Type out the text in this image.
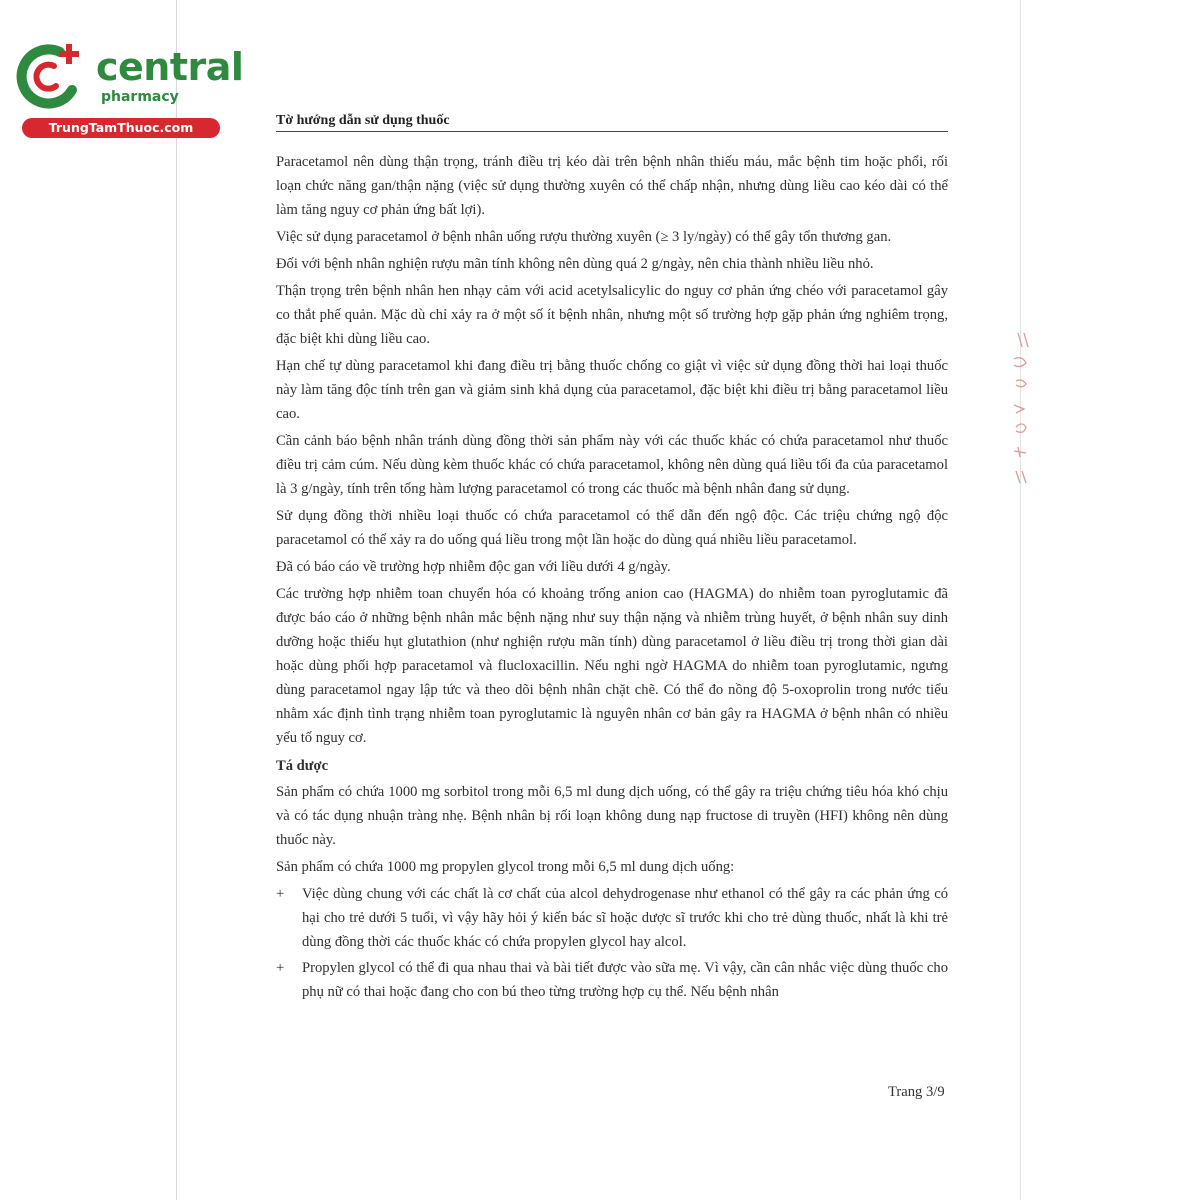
central
pharmacy
TrungTamThuoc.com	Tờ hướng dẫn sử dụng thuốc

Paracetamol nên dùng thận trọng, tránh điều trị kéo dài trên bệnh nhân thiếu máu, mắc bệnh tim hoặc phổi, rối loạn chức năng gan/thận nặng (việc sử dụng thường xuyên có thể chấp nhận, nhưng dùng liều cao kéo dài có thể làm tăng nguy cơ phản ứng bất lợi).

Việc sử dụng paracetamol ở bệnh nhân uống rượu thường xuyên (≥ 3 ly/ngày) có thể gây tổn thương gan.

Đối với bệnh nhân nghiện rượu mãn tính không nên dùng quá 2 g/ngày, nên chia thành nhiều liều nhỏ.

Thận trọng trên bệnh nhân hen nhạy cảm với acid acetylsalicylic do nguy cơ phản ứng chéo với paracetamol gây co thắt phế quản. Mặc dù chỉ xảy ra ở một số ít bệnh nhân, nhưng một số trường hợp gặp phản ứng nghiêm trọng, đặc biệt khi dùng liều cao.

Hạn chế tự dùng paracetamol khi đang điều trị bằng thuốc chống co giật vì việc sử dụng đồng thời hai loại thuốc này làm tăng độc tính trên gan và giảm sinh khả dụng của paracetamol, đặc biệt khi điều trị bằng paracetamol liều cao.

Cần cảnh báo bệnh nhân tránh dùng đồng thời sản phẩm này với các thuốc khác có chứa paracetamol như thuốc điều trị cảm cúm. Nếu dùng kèm thuốc khác có chứa paracetamol, không nên dùng quá liều tối đa của paracetamol là 3 g/ngày, tính trên tổng hàm lượng paracetamol có trong các thuốc mà bệnh nhân đang sử dụng.

Sử dụng đồng thời nhiều loại thuốc có chứa paracetamol có thể dẫn đến ngộ độc. Các triệu chứng ngộ độc paracetamol có thể xảy ra do uống quá liều trong một lần hoặc do dùng quá nhiều liều paracetamol.

Đã có báo cáo về trường hợp nhiễm độc gan với liều dưới 4 g/ngày.

Các trường hợp nhiễm toan chuyển hóa có khoảng trống anion cao (HAGMA) do nhiễm toan pyroglutamic đã được báo cáo ở những bệnh nhân mắc bệnh nặng như suy thận nặng và nhiễm trùng huyết, ở bệnh nhân suy dinh dưỡng hoặc thiếu hụt glutathion (như nghiện rượu mãn tính) dùng paracetamol ở liều điều trị trong thời gian dài hoặc dùng phối hợp paracetamol và flucloxacillin. Nếu nghi ngờ HAGMA do nhiễm toan pyroglutamic, ngưng dùng paracetamol ngay lập tức và theo dõi bệnh nhân chặt chẽ. Có thể đo nồng độ 5-oxoprolin trong nước tiểu nhằm xác định tình trạng nhiễm toan pyroglutamic là nguyên nhân cơ bản gây ra HAGMA ở bệnh nhân có nhiều yếu tố nguy cơ.

Tá dược

Sản phẩm có chứa 1000 mg sorbitol trong mỗi 6,5 ml dung dịch uống, có thể gây ra triệu chứng tiêu hóa khó chịu và có tác dụng nhuận tràng nhẹ. Bệnh nhân bị rối loạn không dung nạp fructose di truyền (HFI) không nên dùng thuốc này.

Sản phẩm có chứa 1000 mg propylen glycol trong mỗi 6,5 ml dung dịch uống:

+	Việc dùng chung với các chất là cơ chất của alcol dehydrogenase như ethanol có thể gây ra các phản ứng có hại cho trẻ dưới 5 tuổi, vì vậy hãy hỏi ý kiến bác sĩ hoặc dược sĩ trước khi cho trẻ dùng thuốc, nhất là khi trẻ dùng đồng thời các thuốc khác có chứa propylen glycol hay alcol.
+	Propylen glycol có thể đi qua nhau thai và bài tiết được vào sữa mẹ. Vì vậy, cần cân nhắc việc dùng thuốc cho phụ nữ có thai hoặc đang cho con bú theo từng trường hợp cụ thể. Nếu bệnh nhân
Trang 3/9
